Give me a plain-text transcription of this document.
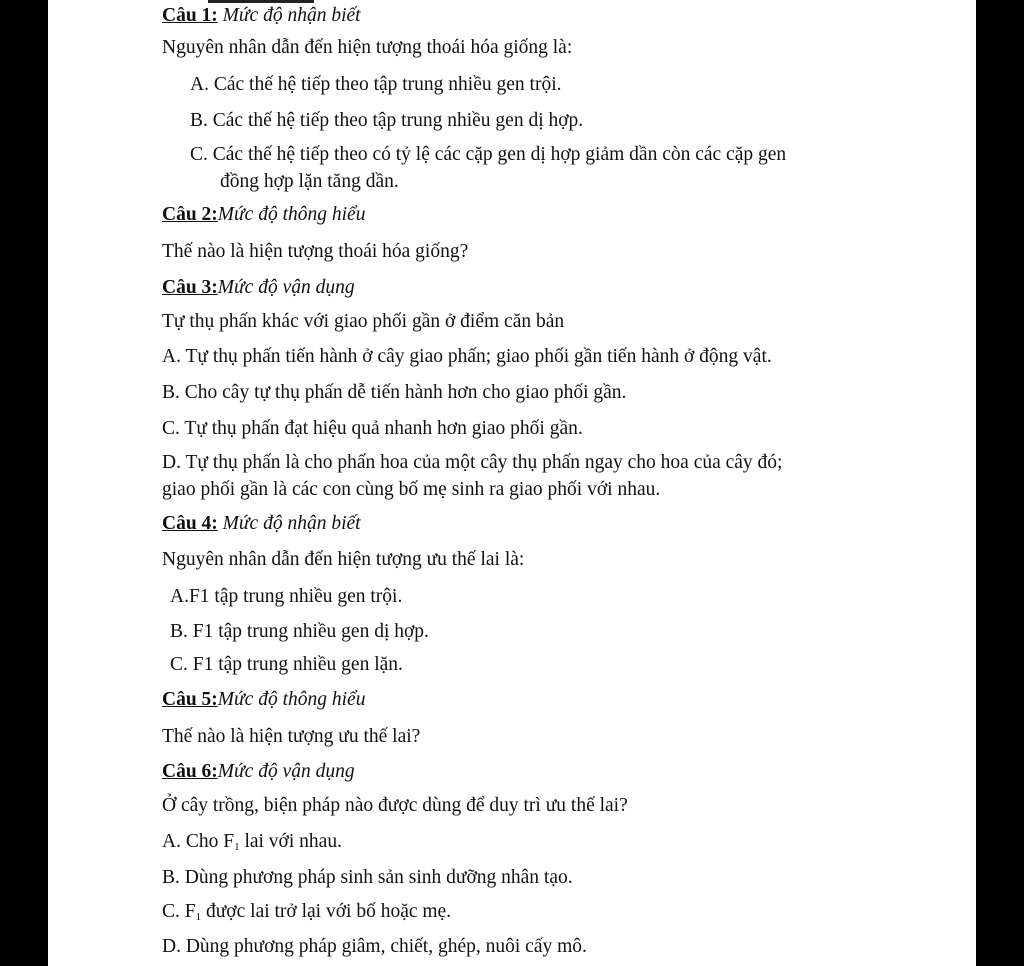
Câu 1: Mức độ nhận biết
Nguyên nhân dẫn đến hiện tượng thoái hóa giống là:
A. Các thế hệ tiếp theo tập trung nhiều gen trội.
B. Các thế hệ tiếp theo tập trung nhiều gen dị hợp.
C. Các thế hệ tiếp theo có tỷ lệ các cặp gen dị hợp giảm dần còn các cặp gen
đồng hợp lặn tăng dần.
Câu 2:Mức độ thông hiểu
Thế nào là hiện tượng thoái hóa giống?
Câu 3:Mức độ vận dụng
Tự thụ phấn khác với giao phối gần ở điểm căn bản
A. Tự thụ phấn tiến hành ở cây giao phấn; giao phối gần tiến hành ở động vật.
B. Cho cây tự thụ phấn dễ tiến hành hơn cho giao phối gần.
C. Tự thụ phấn đạt hiệu quả nhanh hơn giao phối gần.
D. Tự thụ phấn là cho phấn hoa của một cây thụ phấn ngay cho hoa của cây đó;
giao phối gần là các con cùng bố mẹ sinh ra giao phối với nhau.
Câu 4: Mức độ nhận biết
Nguyên nhân dẫn đến hiện tượng ưu thế lai là:
A.F1 tập trung nhiều gen trội.
B. F1 tập trung nhiều gen dị hợp.
C. F1 tập trung nhiều gen lặn.
Câu 5:Mức độ thông hiểu
Thế nào là hiện tượng ưu thế lai?
Câu 6:Mức độ vận dụng
Ở cây trồng, biện pháp nào được dùng để duy trì ưu thế lai?
A. Cho $F_1$ lai với nhau.
B. Dùng phương pháp sinh sản sinh dưỡng nhân tạo.
C. $F_1$ được lai trở lại với bố hoặc mẹ.
D. Dùng phương pháp giâm, chiết, ghép, nuôi cấy mô.
